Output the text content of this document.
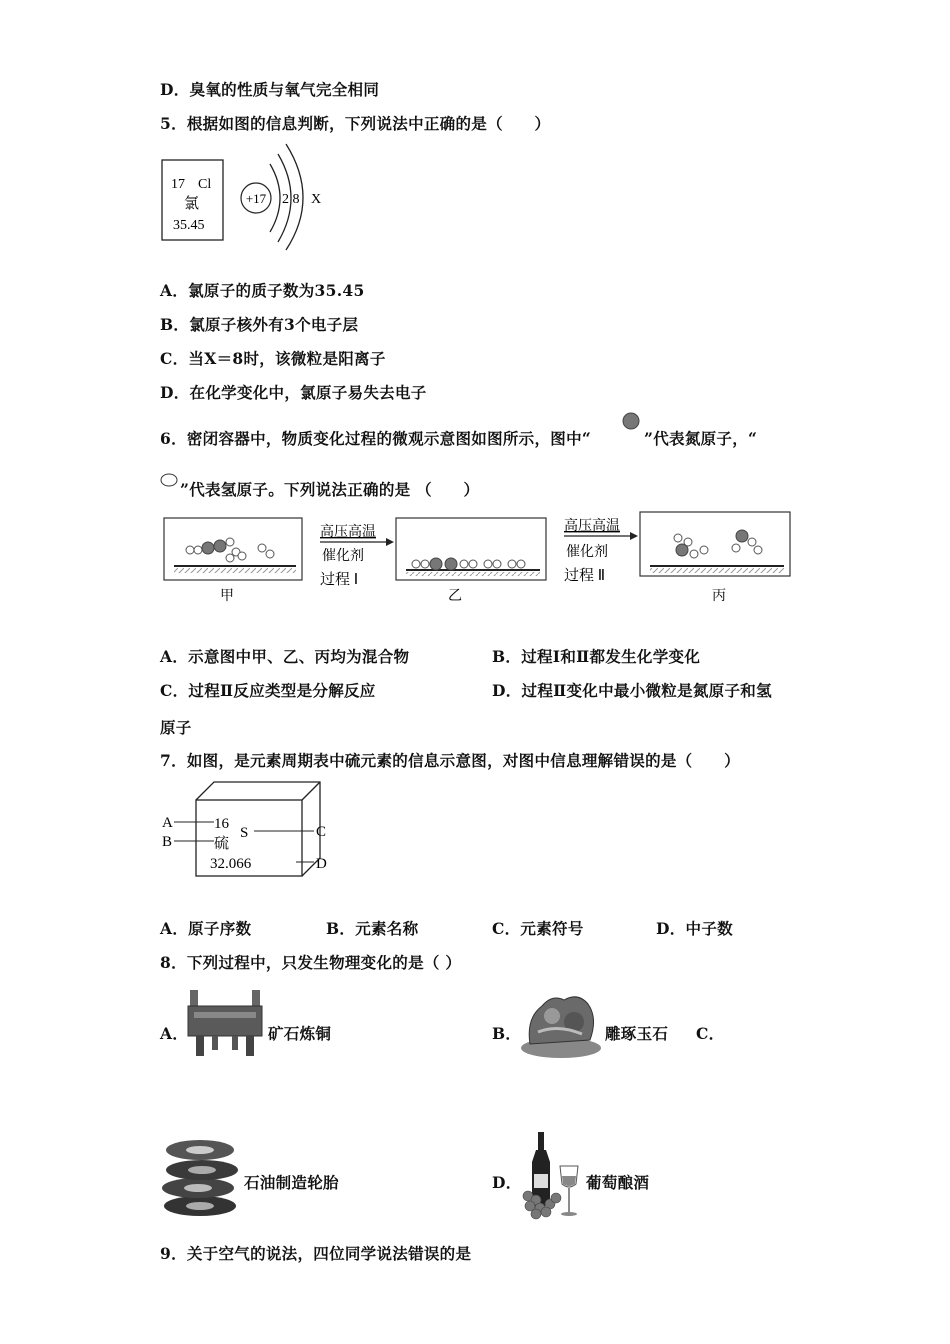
D．臭氧的性质与氧气完全相同
5．根据如图的信息判断，下列说法中正确的是（　　）
17 Cl
氯
35.45
+17 2 8 X
A．氯原子的质子数为35.45
B．氯原子核外有3个电子层
C．当X＝8时，该微粒是阳离子
D．在化学变化中，氯原子易失去电子
6．密闭容器中，物质变化过程的微观示意图如图所示，图中“	”代表氮原子，“
”代表氢原子。下列说法正确的是 （　　）
甲
高压高温
催化剂
过程 Ⅰ
乙
高压高温
催化剂
过程 Ⅱ
丙
A．示意图中甲、乙、丙均为混合物	B．过程Ⅰ和Ⅱ都发生化学变化
C．过程Ⅱ反应类型是分解反应	D．过程Ⅱ变化中最小微粒是氮原子和氢
原子
7．如图，是元素周期表中硫元素的信息示意图，对图中信息理解错误的是（　　）
16
S
硫
32.066
A
B
C
D
A．原子序数	B．元素名称	C．元素符号	D．中子数
8．下列过程中，只发生物理变化的是（ ）
A．	矿石炼铜	B．	雕琢玉石 C．
石油制造轮胎	D．	葡萄酿酒
9．关于空气的说法，四位同学说法错误的是
